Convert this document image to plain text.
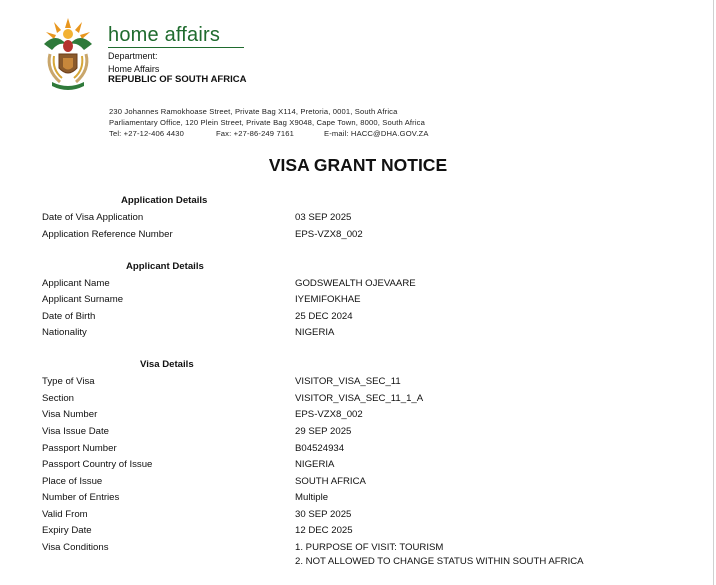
home affairs
Department:
Home Affairs
REPUBLIC OF SOUTH AFRICA
230 Johannes Ramokhoase Street, Private Bag X114, Pretoria, 0001, South Africa
Parliamentary Office, 120 Plein Street, Private Bag X9048, Cape Town, 8000, South Africa
Tel: +27-12-406 4430	Fax: +27-86-249 7161	E-mail: HACC@DHA.GOV.ZA
VISA GRANT NOTICE
Application Details
Date of Visa Application	03 SEP 2025
Application Reference Number	EPS-VZX8_002
Applicant Details
Applicant Name	GODSWEALTH OJEVAARE
Applicant Surname	IYEMIFOKHAE
Date of Birth	25 DEC 2024
Nationality	NIGERIA
Visa Details
Type of Visa	VISITOR_VISA_SEC_11
Section	VISITOR_VISA_SEC_11_1_A
Visa Number	EPS-VZX8_002
Visa Issue Date	29 SEP 2025
Passport Number	B04524934
Passport Country of Issue	NIGERIA
Place of Issue	SOUTH AFRICA
Number of Entries	Multiple
Valid From	30 SEP 2025
Expiry Date	12 DEC 2025
Visa Conditions	1. PURPOSE OF VISIT: TOURISM
2. NOT ALLOWED TO CHANGE STATUS WITHIN SOUTH AFRICA
